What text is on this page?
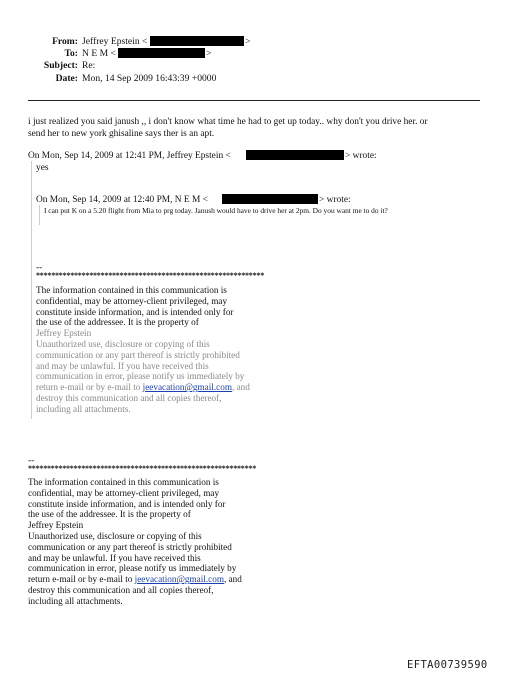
From: Jeffrey Epstein <	>
To: N E M <	>
Subject: Re:
Date: Mon, 14 Sep 2009 16:43:39 +0000
i just realized you said janush ,, i don't know what time he had to get up today.. why don't you drive her. or
send her to new york ghisaline says ther is an apt.
On Mon, Sep 14, 2009 at 12:41 PM, Jeffrey Epstein <	> wrote:
yes
On Mon, Sep 14, 2009 at 12:40 PM, N E M <	> wrote:
I can put K on a 5.20 flight from Mia to prg today. Janush would have to drive her at 2pm. Do you want me to do it?
--
************************************************************
The information contained in this communication is
confidential, may be attorney-client privileged, may
constitute inside information, and is intended only for
the use of the addressee. It is the property of
Jeffrey Epstein
Unauthorized use, disclosure or copying of this
communication or any part thereof is strictly prohibited
and may be unlawful. If you have received this
communication in error, please notify us immediately by
return e-mail or by e-mail to jeevacation@gmail.com, and
destroy this communication and all copies thereof,
including all attachments.
--
************************************************************
The information contained in this communication is
confidential, may be attorney-client privileged, may
constitute inside information, and is intended only for
the use of the addressee. It is the property of
Jeffrey Epstein
Unauthorized use, disclosure or copying of this
communication or any part thereof is strictly prohibited
and may be unlawful. If you have received this
communication in error, please notify us immediately by
return e-mail or by e-mail to jeevacation@gmail.com, and
destroy this communication and all copies thereof,
including all attachments.
EFTA00739590
